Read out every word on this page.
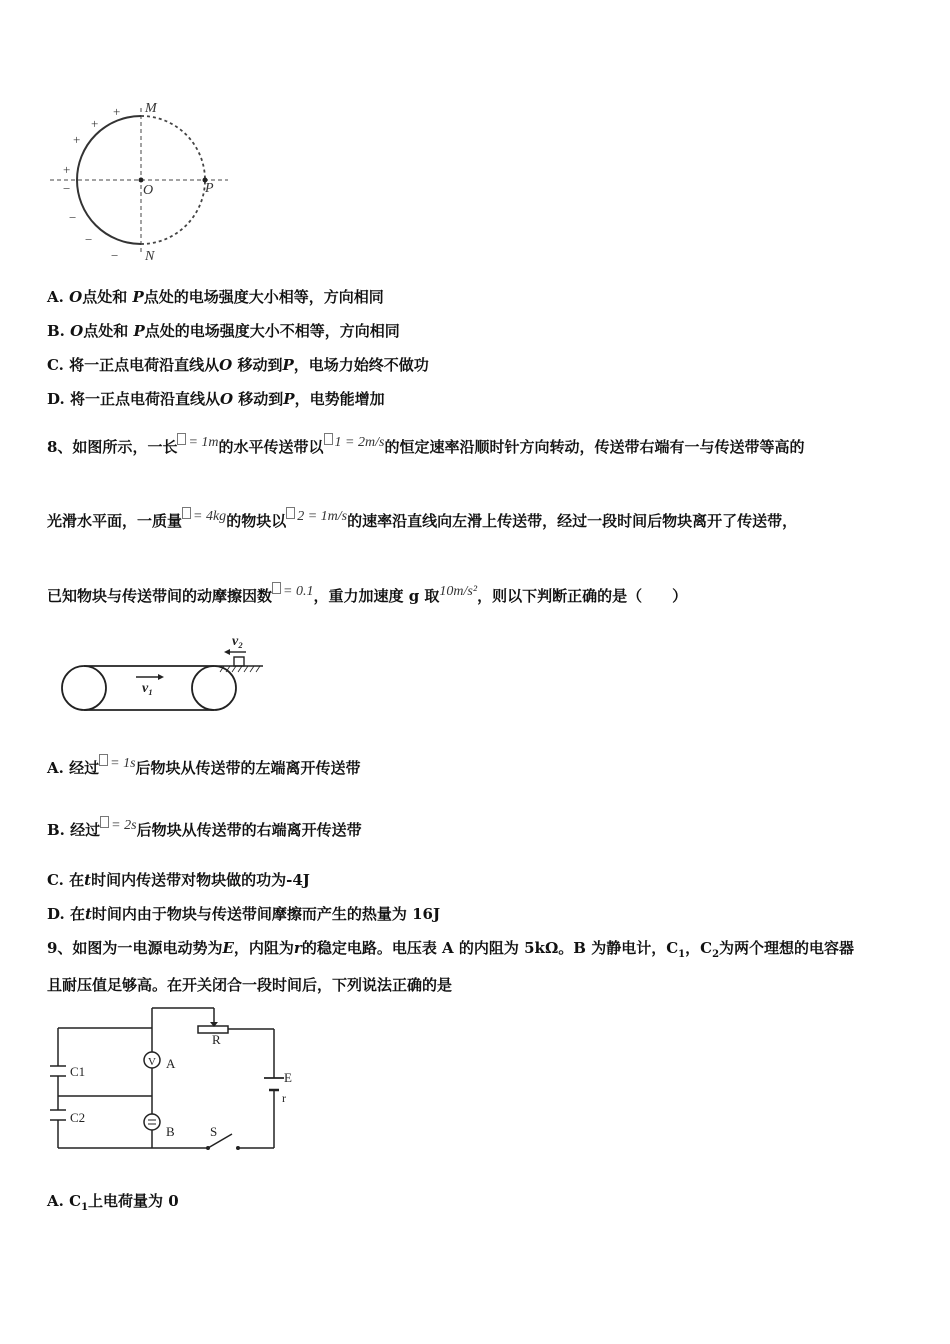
+
+
+
+
−
−
−
−
M
O	P
N
A. O点处和 P点处的电场强度大小相等，方向相同
B. O点处和 P点处的电场强度大小不相等，方向相同
C. 将一正点电荷沿直线从O 移动到P，电场力始终不做功
D. 将一正点电荷沿直线从O 移动到P，电势能增加
8、如图所示，一长 = 1m的水平传送带以 1 = 2m/s的恒定速率沿顺时针方向转动，传送带右端有一与传送带等高的
光滑水平面，一质量 = 4kg的物块以 2 = 1m/s的速率沿直线向左滑上传送带，经过一段时间后物块离开了传送带，
已知物块与传送带间的动摩擦因数 = 0.1，重力加速度 g 取10m/s²，则以下判断正确的是（　　）
v₁
v₂
A. 经过 = 1s后物块从传送带的左端离开传送带
B. 经过 = 2s后物块从传送带的右端离开传送带
C. 在t时间内传送带对物块做的功为-4J
D. 在t时间内由于物块与传送带间摩擦而产生的热量为 16J
9、如图为一电源电动势为E，内阻为r的稳定电路。电压表 A 的内阻为 5kΩ。B 为静电计，$C_1$，$C_2$为两个理想的电容器
且耐压值足够高。在开关闭合一段时间后，下列说法正确的是
C1
C2
V A
B
R
E
r
S
A. $C_1$上电荷量为 0
